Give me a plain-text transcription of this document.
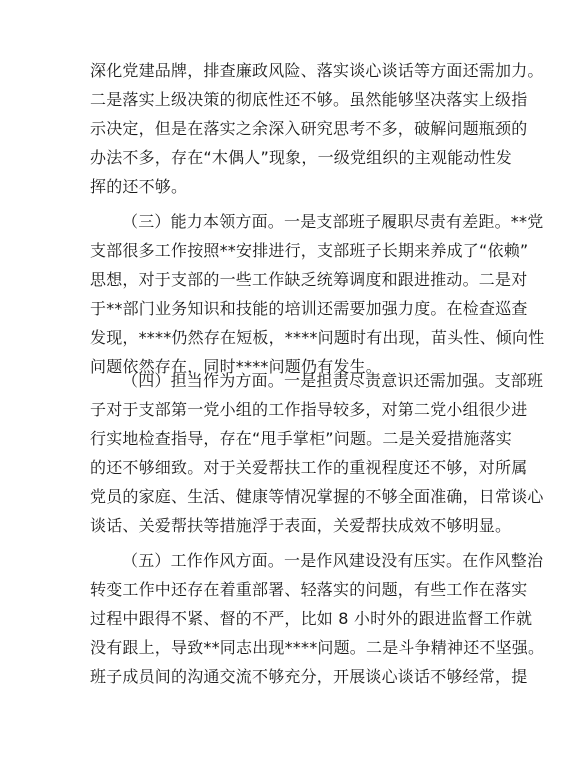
深化党建品牌，排查廉政风险、落实谈心谈话等方面还需加力。
二是落实上级决策的彻底性还不够。虽然能够坚决落实上级指
示决定，但是在落实之余深入研究思考不多，破解问题瓶颈的
办法不多，存在“木偶人”现象，一级党组织的主观能动性发
挥的还不够。
（三）能力本领方面。一是支部班子履职尽责有差距。**党
支部很多工作按照**安排进行，支部班子长期来养成了“依赖”
思想，对于支部的一些工作缺乏统筹调度和跟进推动。二是对
于**部门业务知识和技能的培训还需要加强力度。在检查巡查
发现，****仍然存在短板，****问题时有出现，苗头性、倾向性
问题依然存在，同时****问题仍有发生。
（四）担当作为方面。一是担责尽责意识还需加强。支部班
子对于支部第一党小组的工作指导较多，对第二党小组很少进
行实地检查指导，存在“甩手掌柜”问题。二是关爱措施落实
的还不够细致。对于关爱帮扶工作的重视程度还不够，对所属
党员的家庭、生活、健康等情况掌握的不够全面准确，日常谈心
谈话、关爱帮扶等措施浮于表面，关爱帮扶成效不够明显。
（五）工作作风方面。一是作风建设没有压实。在作风整治
转变工作中还存在着重部署、轻落实的问题，有些工作在落实
过程中跟得不紧、督的不严，比如 8 小时外的跟进监督工作就
没有跟上，导致**同志出现****问题。二是斗争精神还不坚强。
班子成员间的沟通交流不够充分，开展谈心谈话不够经常，提
